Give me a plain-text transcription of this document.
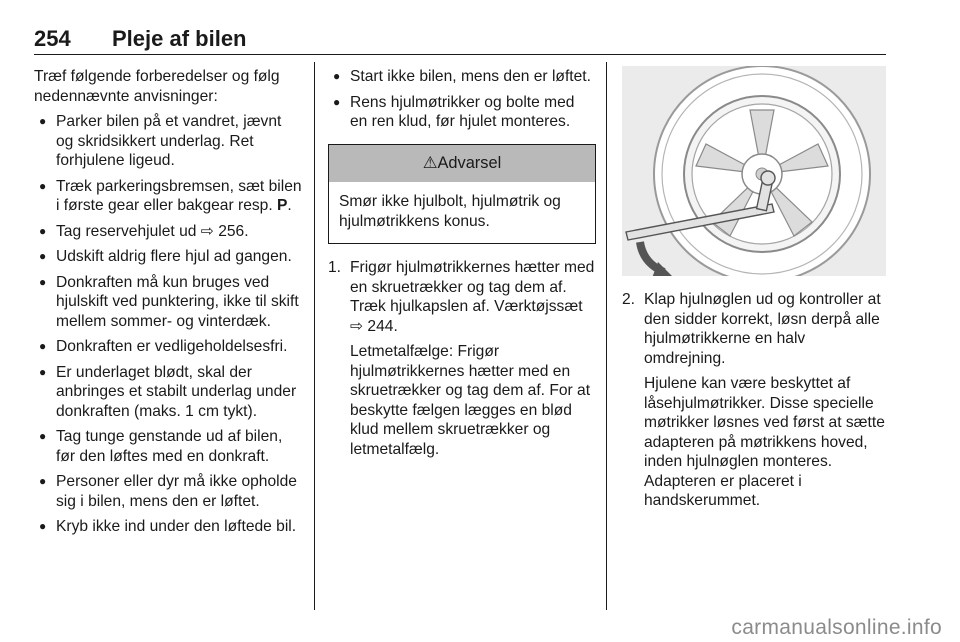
254 Pleje af bilen

Træf følgende forberedelser og følg nedennævnte anvisninger:

● Parker bilen på et vandret, jævnt og skridsikkert underlag. Ret forhjulene ligeud.
● Træk parkeringsbremsen, sæt bilen i første gear eller bakgear resp. P.
● Tag reservehjulet ud ⇨ 256.
● Udskift aldrig flere hjul ad gangen.
● Donkraften må kun bruges ved hjulskift ved punktering, ikke til skift mellem sommer- og vinterdæk.
● Donkraften er vedligeholdelsesfri.
● Er underlaget blødt, skal der anbringes et stabilt underlag under donkraften (maks. 1 cm tykt).
● Tag tunge genstande ud af bilen, før den løftes med en donkraft.
● Personer eller dyr må ikke opholde sig i bilen, mens den er løftet.
● Kryb ikke ind under den løftede bil.
● Start ikke bilen, mens den er løftet.
● Rens hjulmøtrikker og bolte med en ren klud, før hjulet monteres.
⚠Advarsel
Smør ikke hjulbolt, hjulmøtrik og hjulmøtrikkens konus.
1. Frigør hjulmøtrikkernes hætter med en skruetrækker og tag dem af. Træk hjulkapslen af. Værktøjssæt ⇨ 244.

Letmetalfælge: Frigør hjulmøtrikkernes hætter med en skruetrækker og tag dem af. For at beskytte fælgen lægges en blød klud mellem skruetrækker og letmetalfælg.

2. Klap hjulnøglen ud og kontroller at den sidder korrekt, løsn derpå alle hjulmøtrikkerne en halv omdrejning.

Hjulene kan være beskyttet af låsehjulmøtrikker. Disse specielle møtrikker løsnes ved først at sætte adapteren på møtrikkens hoved, inden hjulnøglen monteres. Adapteren er placeret i handskerummet.

carmanualsonline.info
